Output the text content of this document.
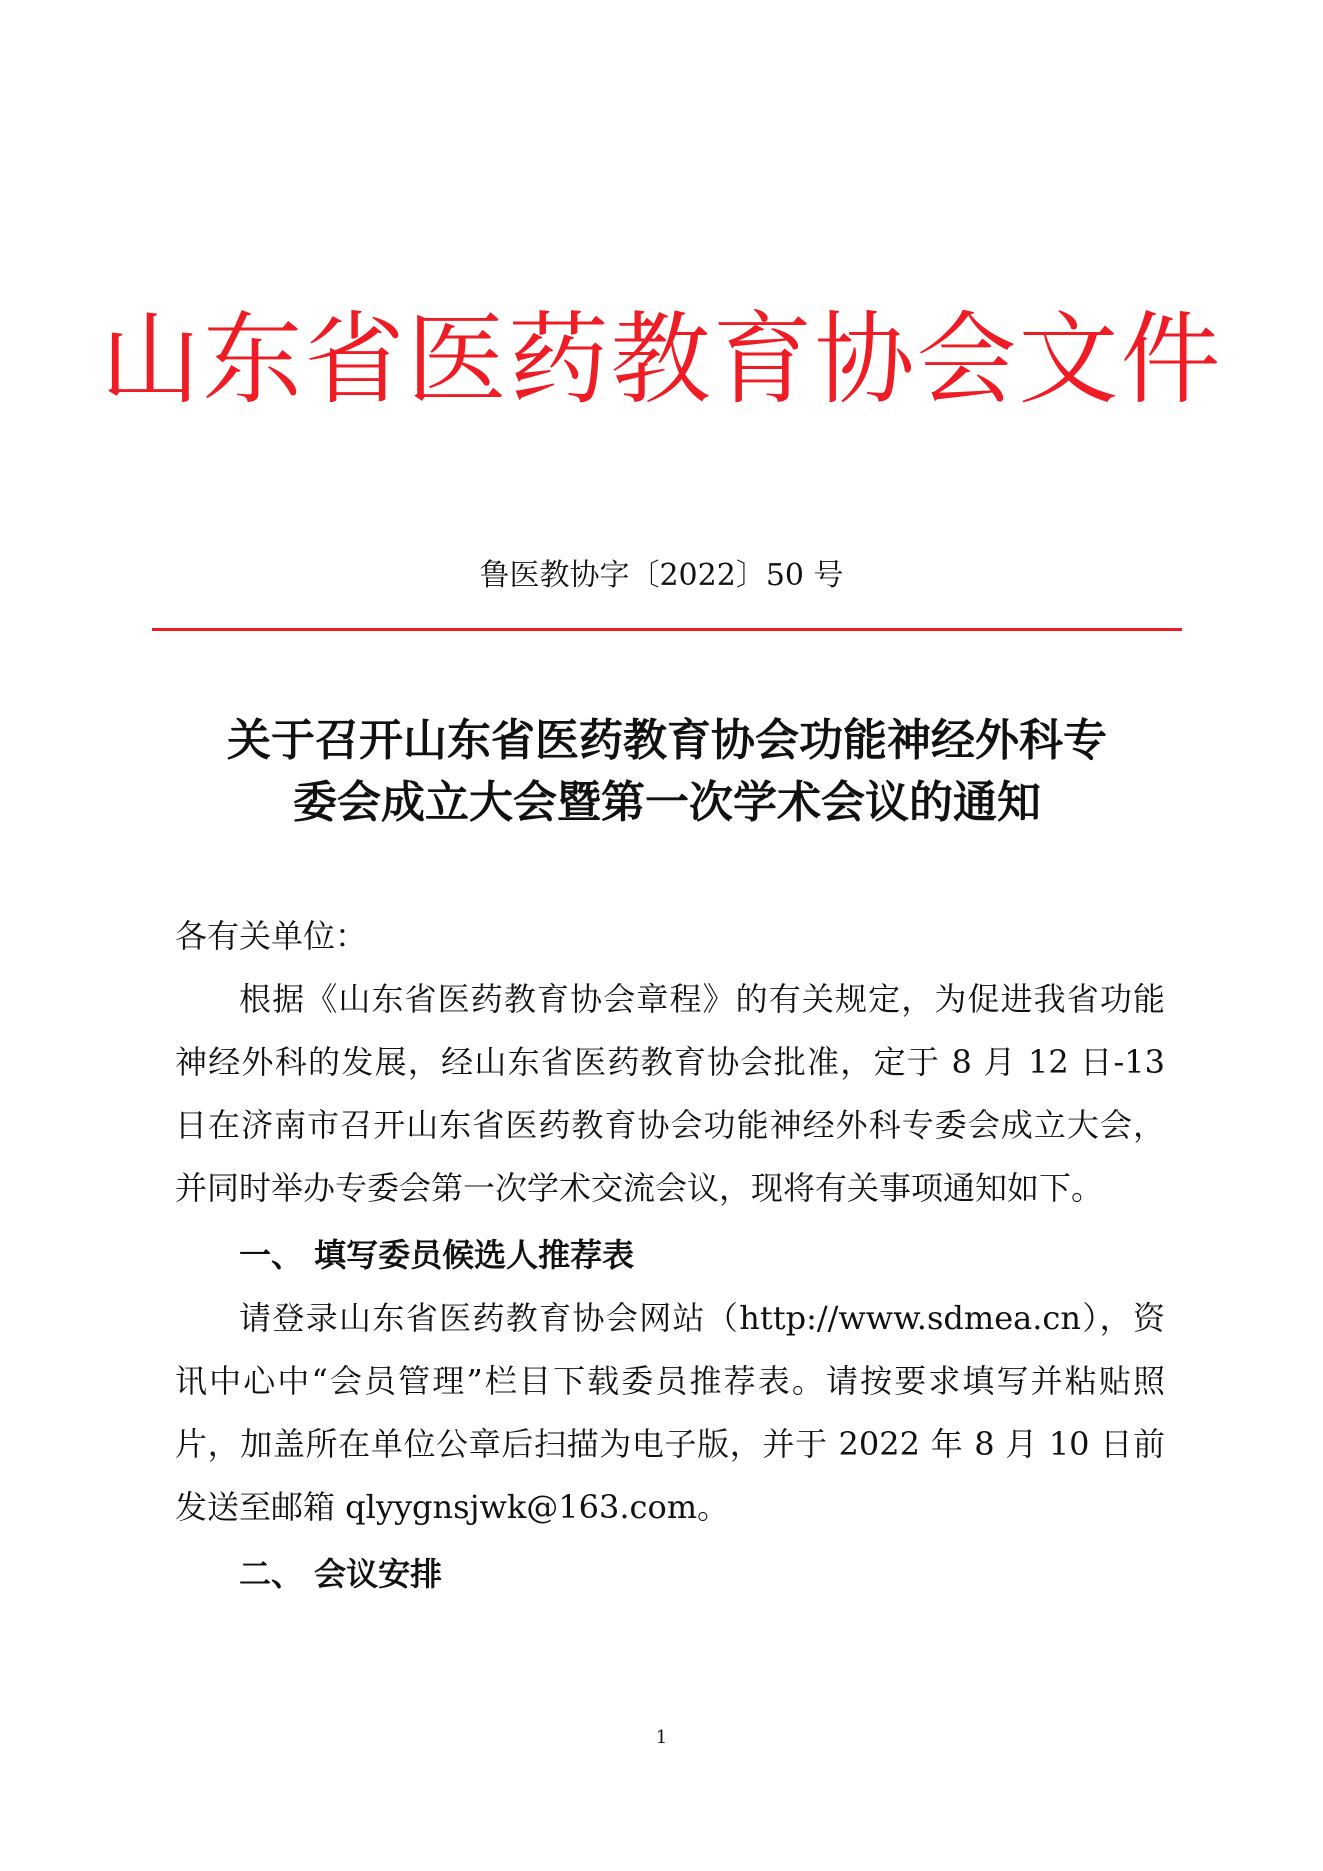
山东省医药教育协会文件
鲁医教协字〔2022〕50 号
关于召开山东省医药教育协会功能神经外科专
委会成立大会暨第一次学术会议的通知

各有关单位：

根据《山东省医药教育协会章程》的有关规定，为促进我省功能神经外科的发展，经山东省医药教育协会批准，定于 8 月 12 日-13 日在济南市召开山东省医药教育协会功能神经外科专委会成立大会，并同时举办专委会第一次学术交流会议，现将有关事项通知如下。

一、 填写委员候选人推荐表

请登录山东省医药教育协会网站（http://www.sdmea.cn），资讯中心中“会员管理”栏目下载委员推荐表。请按要求填写并粘贴照片，加盖所在单位公章后扫描为电子版，并于 2022 年 8 月 10 日前发送至邮箱 qlyygnsjwk@163.com。

二、 会议安排

1
